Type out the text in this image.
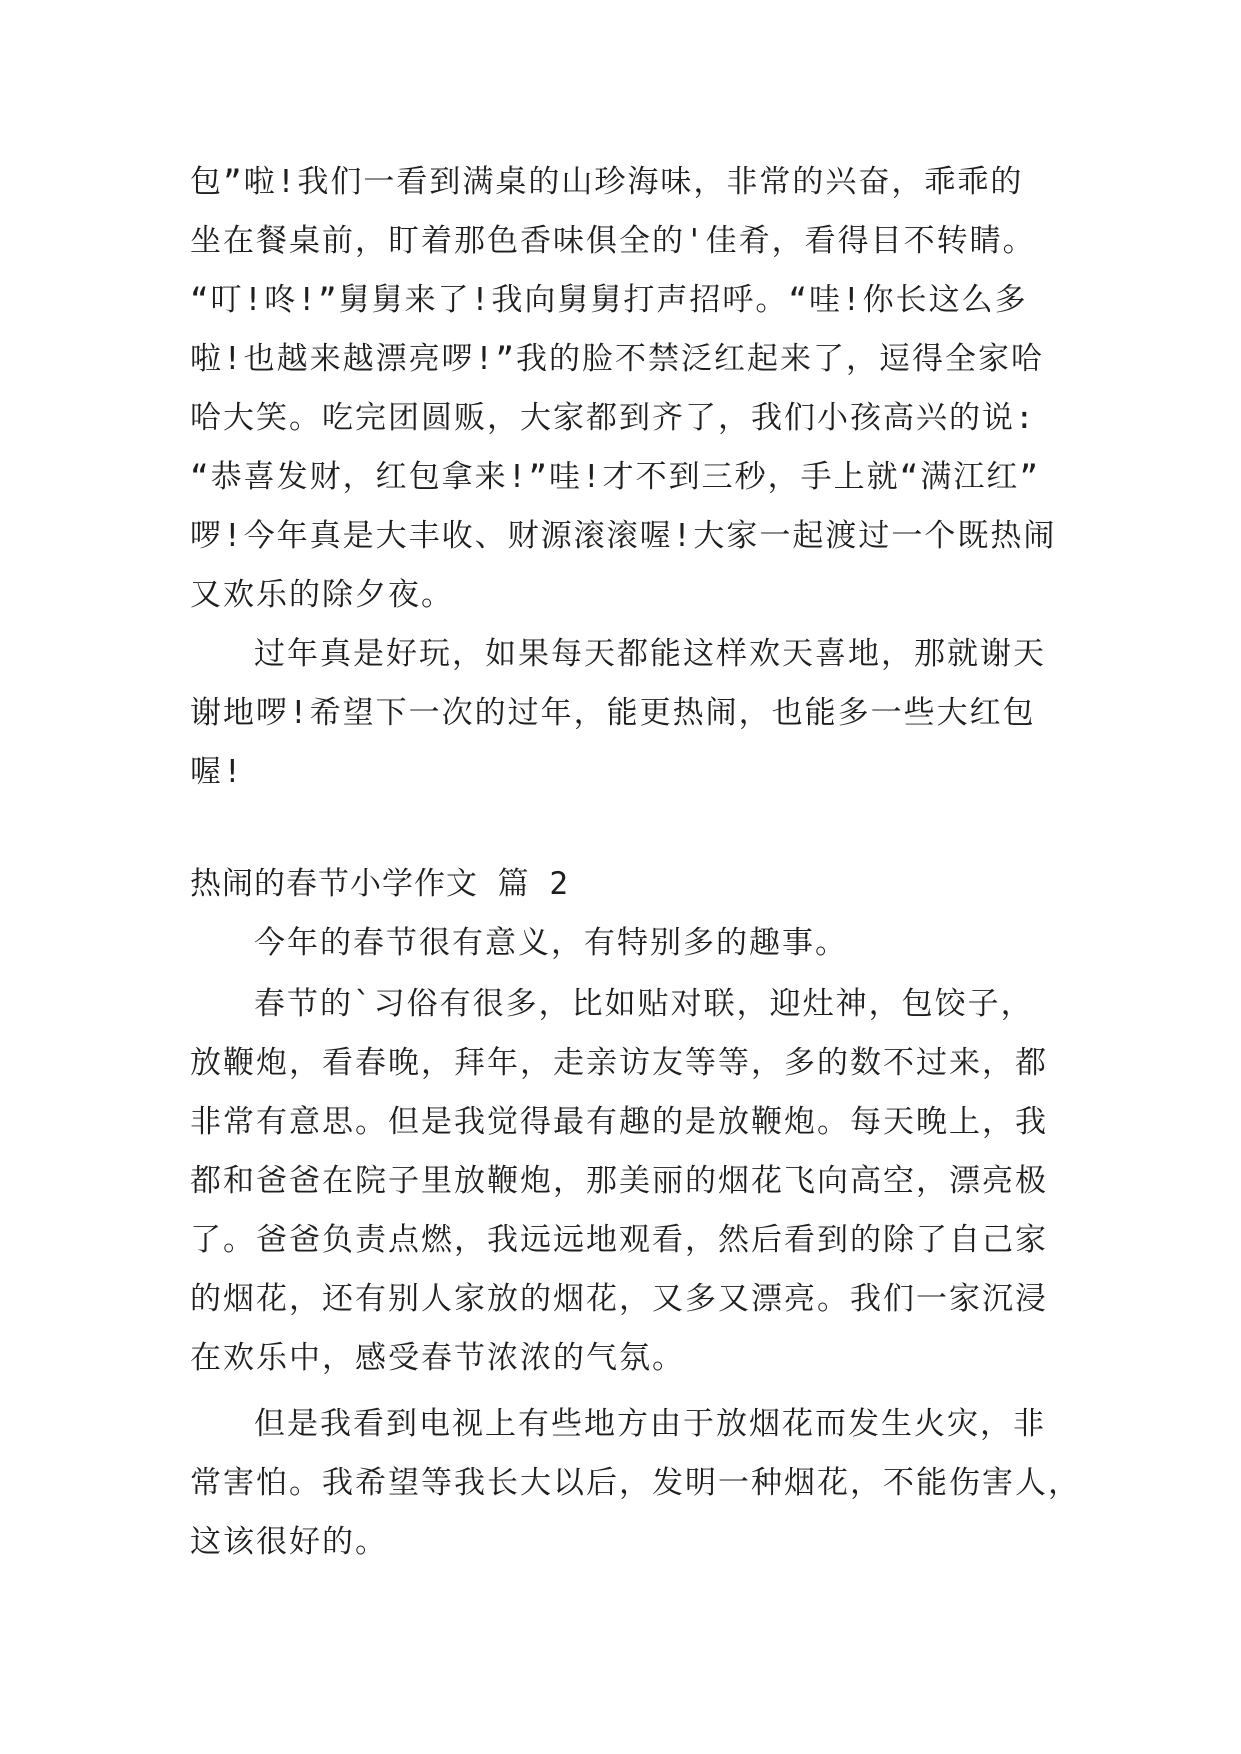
包”啦!我们一看到满桌的山珍海味，非常的兴奋，乖乖的

坐在餐桌前，盯着那色香味俱全的'佳肴，看得目不转睛。

“叮!咚!”舅舅来了!我向舅舅打声招呼。“哇!你长这么多

啦!也越来越漂亮啰!”我的脸不禁泛红起来了，逗得全家哈

哈大笑。吃完团圆贩，大家都到齐了，我们小孩高兴的说:

“恭喜发财，红包拿来!”哇!才不到三秒，手上就“满江红”

啰!今年真是大丰收、财源滚滚喔!大家一起渡过一个既热闹

又欢乐的除夕夜。

过年真是好玩，如果每天都能这样欢天喜地，那就谢天

谢地啰!希望下一次的过年，能更热闹，也能多一些大红包

喔!

热闹的春节小学作文 篇 2

今年的春节很有意义，有特别多的趣事。

春节的`习俗有很多，比如贴对联，迎灶神，包饺子，

放鞭炮，看春晚，拜年，走亲访友等等，多的数不过来，都

非常有意思。但是我觉得最有趣的是放鞭炮。每天晚上，我

都和爸爸在院子里放鞭炮，那美丽的烟花飞向高空，漂亮极

了。爸爸负责点燃，我远远地观看，然后看到的除了自己家

的烟花，还有别人家放的烟花，又多又漂亮。我们一家沉浸

在欢乐中，感受春节浓浓的气氛。

但是我看到电视上有些地方由于放烟花而发生火灾，非

常害怕。我希望等我长大以后，发明一种烟花，不能伤害人，

这该很好的。
